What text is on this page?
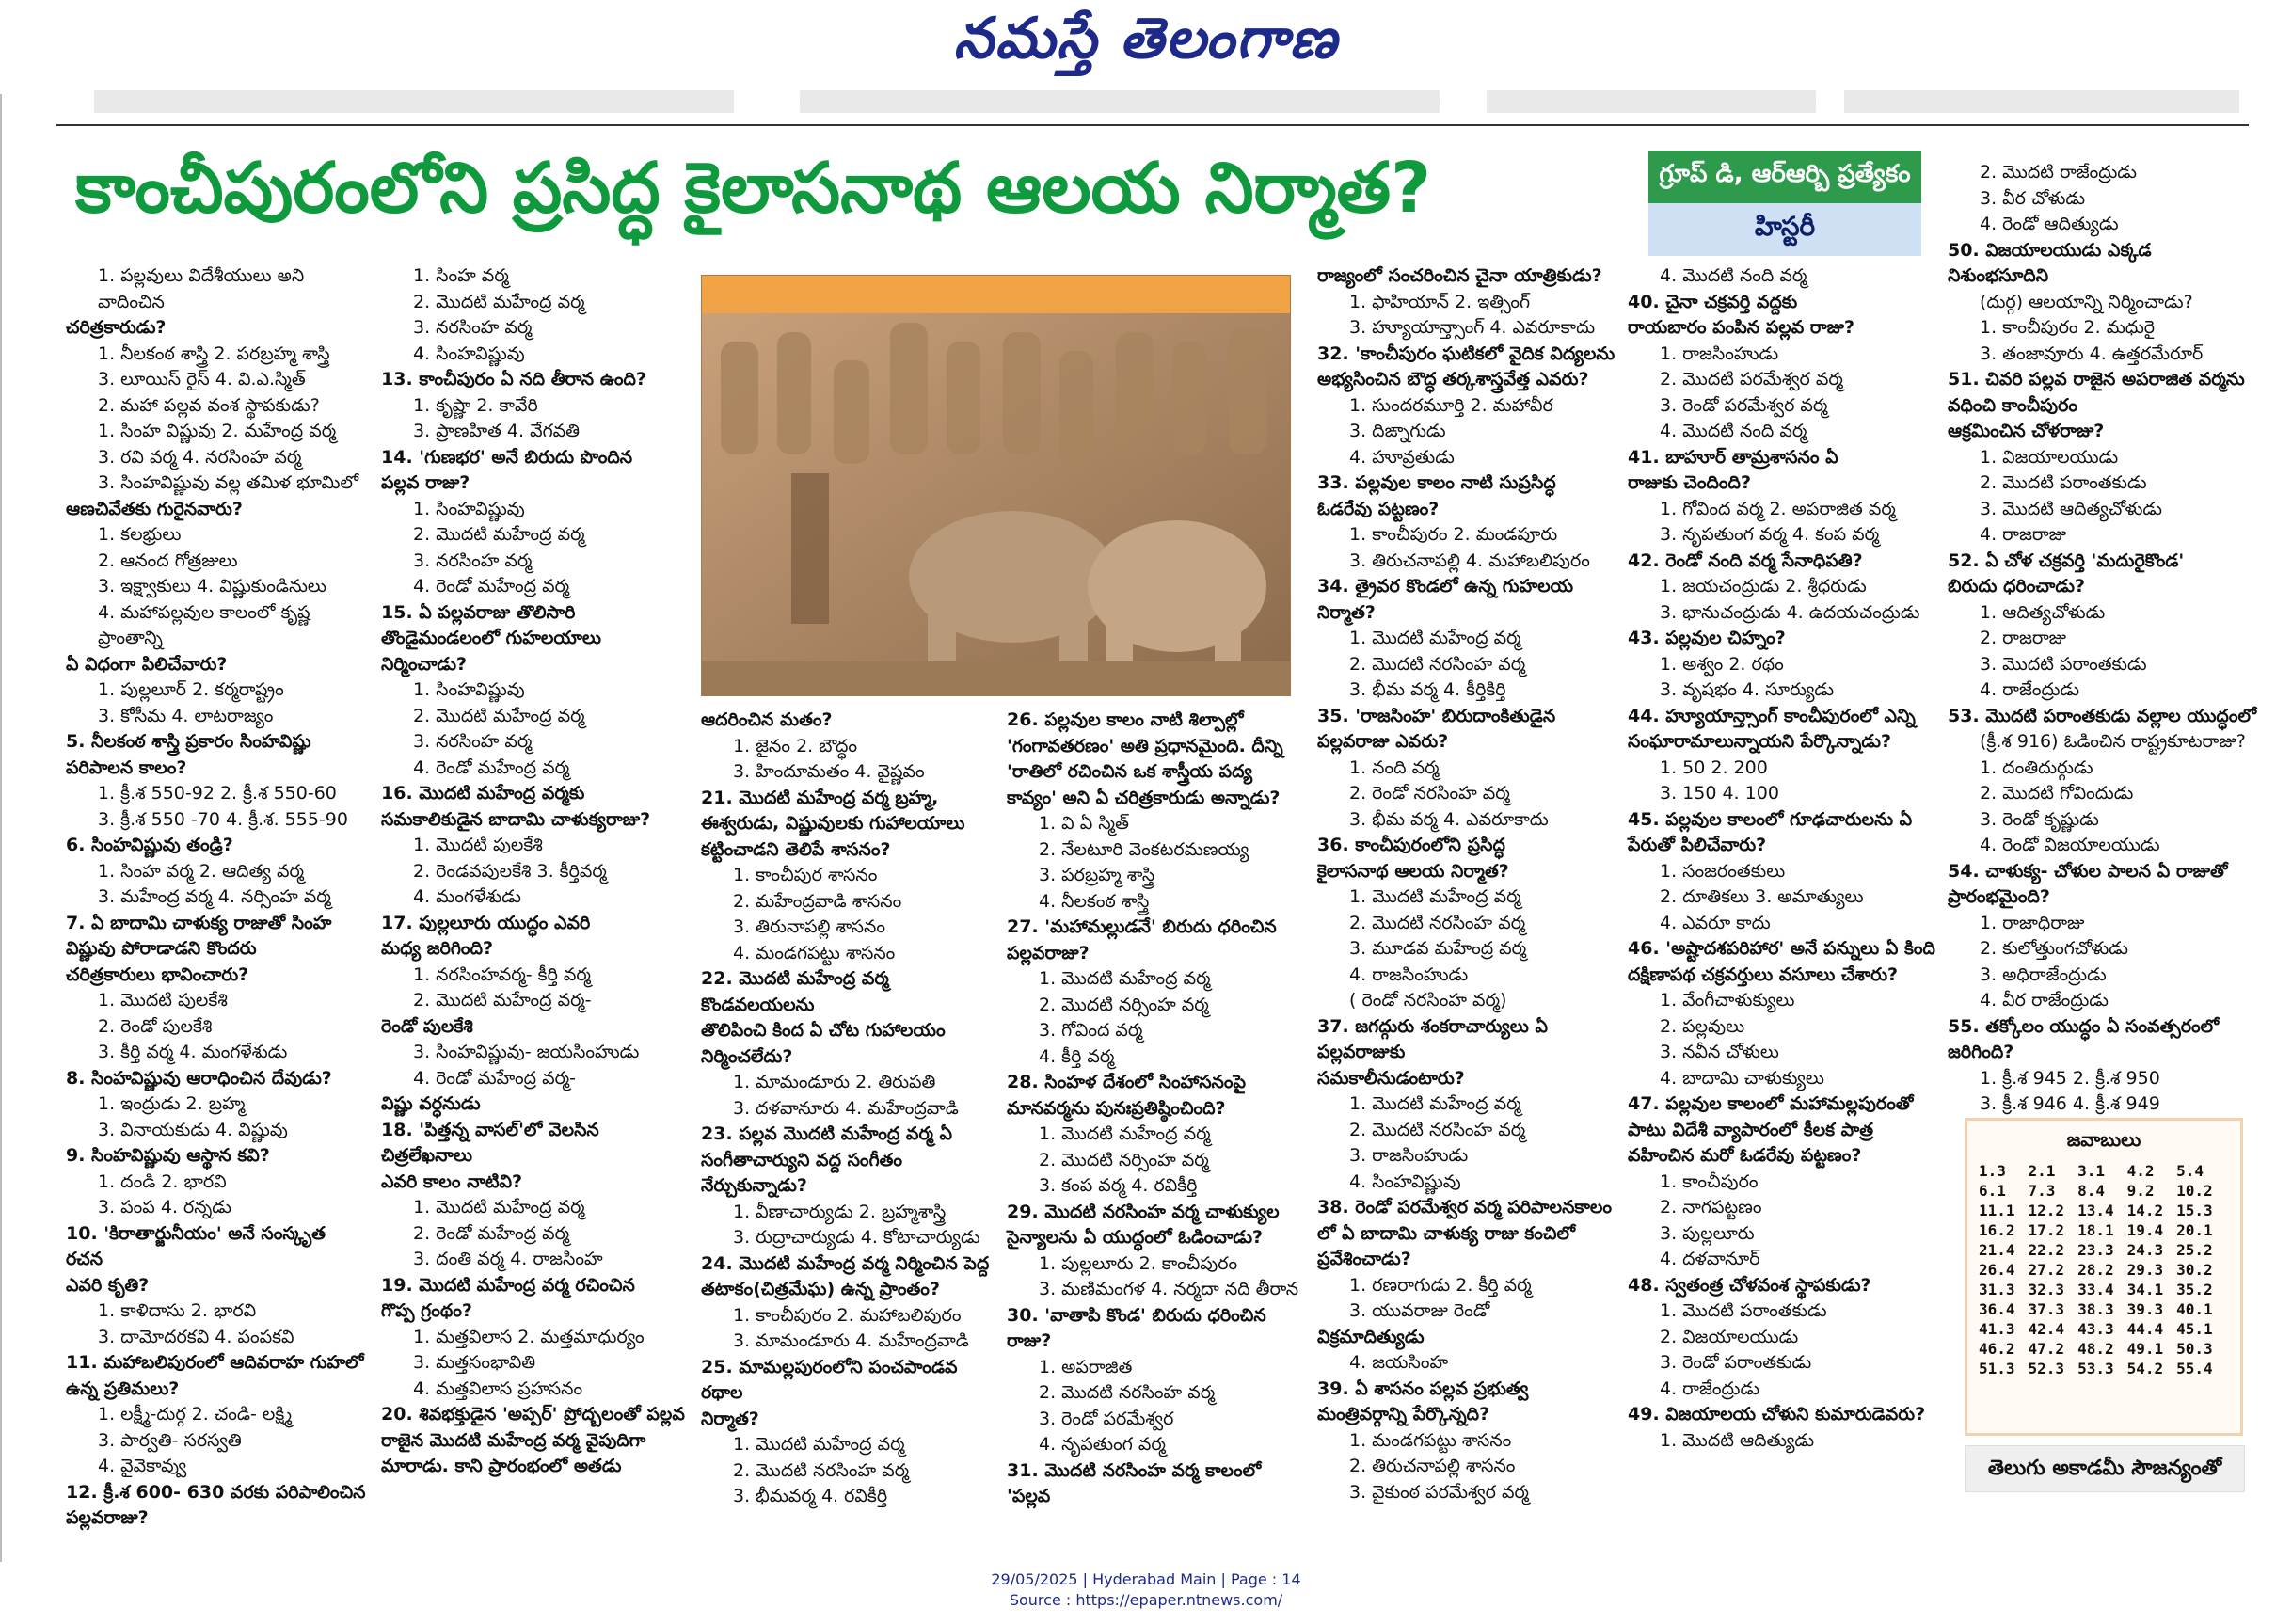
నమస్తే తెలంగాణ
కాంచీపురంలోని ప్రసిద్ధ కైలాసనాథ ఆలయ నిర్మాత?	గ్రూప్ డి, ఆర్ఆర్బి ప్రత్యేకం
హిస్టరీ
1. పల్లవులు విదేశీయులు అని వాదించిన
చరిత్రకారుడు?
1. నీలకంఠ శాస్త్రి 2. పరబ్రహ్మ శాస్త్రి
3. లూయిస్ రైస్ 4. వి.ఎ.స్మిత్
2. మహా పల్లవ వంశ స్థాపకుడు?
1. సింహ విష్ణువు 2. మహేంద్ర వర్మ
3. రవి వర్మ 4. నరసింహ వర్మ
3. సింహవిష్ణువు వల్ల తమిళ భూమిలో
ఆణచివేతకు గురైనవారు?
1. కలభ్రులు
2. ఆనంద గోత్రజులు
3. ఇక్ష్వాకులు 4. విష్ణుకుండినులు
4. మహాపల్లవుల కాలంలో కృష్ణ ప్రాంతాన్ని
ఏ విధంగా పిలిచేవారు?
1. పుల్లలూర్ 2. కర్మరాష్ట్రం
3. కోసీమ 4. లాటరాజ్యం
5. నీలకంఠ శాస్త్రి ప్రకారం సింహవిష్ణు
పరిపాలన కాలం?
1. క్రీ.శ 550-92 2. క్రీ.శ 550-60
3. క్రీ.శ 550 -70 4. క్రీ.శ. 555-90
6. సింహవిష్ణువు తండ్రి?
1. సింహ వర్మ 2. ఆదిత్య వర్మ
3. మహేంద్ర వర్మ 4. నర్సింహ వర్మ
7. ఏ బాదామి చాళుక్య రాజుతో సింహ
విష్ణువు పోరాడాడని కొందరు
చరిత్రకారులు భావించారు?
1. మొదటి పులకేశి
2. రెండో పులకేశి
3. కీర్తి వర్మ 4. మంగళేశుడు
8. సింహవిష్ణువు ఆరాధించిన దేవుడు?
1. ఇంద్రుడు 2. బ్రహ్మ
3. వినాయకుడు 4. విష్ణువు
9. సింహవిష్ణువు ఆస్థాన కవి?
1. దండి 2. భారవి
3. పంప 4. రన్నడు
10. 'కిరాతార్జునీయం' అనే సంస్కృత రచన
ఎవరి కృతి?
1. కాళిదాసు 2. భారవి
3. దామోదరకవి 4. పంపకవి
11. మహాబలిపురంలో ఆదివరాహ గుహలో
ఉన్న ప్రతిమలు?
1. లక్ష్మీ-దుర్గ 2. చండి- లక్ష్మి
3. పార్వతి- సరస్వతి
4. వైవెకావ్వు
12. క్రీ.శ 600- 630 వరకు పరిపాలించిన
పల్లవరాజు?
1. సింహ వర్మ
2. మొదటి మహేంద్ర వర్మ
3. నరసింహ వర్మ
4. సింహవిష్ణువు
13. కాంచీపురం ఏ నది తీరాన ఉంది?
1. కృష్ణా 2. కావేరి
3. ప్రాణహిత 4. వేగవతి
14. 'గుణభర' అనే బిరుదు పొందిన
పల్లవ రాజు?
1. సింహవిష్ణువు
2. మొదటి మహేంద్ర వర్మ
3. నరసింహ వర్మ
4. రెండో మహేంద్ర వర్మ
15. ఏ పల్లవరాజు తొలిసారి
తొండైమండలంలో గుహలయాలు
నిర్మించాడు?
1. సింహవిష్ణువు
2. మొదటి మహేంద్ర వర్మ
3. నరసింహ వర్మ
4. రెండో మహేంద్ర వర్మ
16. మొదటి మహేంద్ర వర్మకు
సమకాలికుడైన బాదామి చాళుక్యరాజు?
1. మొదటి పులకేశి
2. రెండవపులకేశి 3. కీర్తివర్మ
4. మంగళేశుడు
17. పుల్లలూరు యుద్ధం ఎవరి
మధ్య జరిగింది?
1. నరసింహవర్మ- కీర్తి వర్మ
2. మొదటి మహేంద్ర వర్మ-
రెండో పులకేశి
3. సింహవిష్ణువు- జయసింహుడు
4. రెండో మహేంద్ర వర్మ-
విష్ణు వర్ధనుడు
18. 'పిత్తన్న వాసల్'లో వెలసిన చిత్రలేఖనాలు
ఎవరి కాలం నాటివి?
1. మొదటి మహేంద్ర వర్మ
2. రెండో మహేంద్ర వర్మ
3. దంతి వర్మ 4. రాజసింహ
19. మొదటి మహేంద్ర వర్మ రచించిన
గొప్ప గ్రంథం?
1. మత్తవిలాస 2. మత్తమాధుర్యం
3. మత్తసంభావితి
4. మత్తవిలాస ప్రహసనం
20. శివభక్తుడైన 'అప్పర్' ప్రోద్బలంతో పల్లవ
రాజైన మొదటి మహేంద్ర వర్మ వైపుదిగా
మారాడు. కాని ప్రారంభంలో అతడు
ఆదరించిన మతం?
1. జైనం 2. బౌద్ధం
3. హిందూమతం 4. వైష్ణవం
21. మొదటి మహేంద్ర వర్మ బ్రహ్మ,
ఈశ్వరుడు, విష్ణువులకు గుహాలయాలు
కట్టించాడని తెలిపే శాసనం?
1. కాంచీపుర శాసనం
2. మహేంద్రవాడి శాసనం
3. తిరునాపల్లి శాసనం
4. మండగపట్టు శాసనం
22. మొదటి మహేంద్ర వర్మ కొండవలయలను
తొలిపించి కింద ఏ చోట గుహాలయం
నిర్మించలేదు?
1. మామండూరు 2. తిరుపతి
3. దళవానూరు 4. మహేంద్రవాడి
23. పల్లవ మొదటి మహేంద్ర వర్మ ఏ
సంగీతాచార్యుని వద్ద సంగీతం
నేర్చుకున్నాడు?
1. వీణాచార్యుడు 2. బ్రహ్మశాస్త్రి
3. రుద్రాచార్యుడు 4. కోటాచార్యుడు
24. మొదటి మహేంద్ర వర్మ నిర్మించిన పెద్ద
తటాకం(చిత్రమేఘ) ఉన్న ప్రాంతం?
1. కాంచీపురం 2. మహాబలిపురం
3. మామండూరు 4. మహేంద్రవాడి
25. మామల్లపురంలోని పంచపాండవ రథాల
నిర్మాత?
1. మొదటి మహేంద్ర వర్మ
2. మొదటి నరసింహ వర్మ
3. భీమవర్మ 4. రవికీర్తి
26. పల్లవుల కాలం నాటి శిల్పాల్లో
'గంగావతరణం' అతి ప్రధానమైంది. దీన్ని
'రాతిలో రచించిన ఒక శాస్త్రీయ పద్య
కావ్యం' అని ఏ చరిత్రకారుడు అన్నాడు?
1. వి ఏ స్మిత్
2. నేలటూరి వెంకటరమణయ్య
3. పరబ్రహ్మ శాస్త్రి
4. నీలకంఠ శాస్త్రి
27. 'మహామల్లుడనే' బిరుదు ధరించిన
పల్లవరాజు?
1. మొదటి మహేంద్ర వర్మ
2. మొదటి నర్సింహ వర్మ
3. గోవింద వర్మ
4. కీర్తి వర్మ
28. సింహళ దేశంలో సింహాసనంపై
మానవర్మను పునఃప్రతిష్ఠించింది?
1. మొదటి మహేంద్ర వర్మ
2. మొదటి నర్సింహ వర్మ
3. కంప వర్మ 4. రవికీర్తి
29. మొదటి నరసింహ వర్మ చాళుక్యుల
సైన్యాలను ఏ యుద్ధంలో ఓడించాడు?
1. పుల్లలూరు 2. కాంచీపురం
3. మణిమంగళ 4. నర్మదా నది తీరాన
30. 'వాతాపి కొండ' బిరుదు ధరించిన రాజు?
1. అపరాజిత
2. మొదటి నరసింహ వర్మ
3. రెండో పరమేశ్వర
4. నృపతుంగ వర్మ
31. మొదటి నరసింహ వర్మ కాలంలో 'పల్లవ
రాజ్యంలో సంచరించిన చైనా యాత్రికుడు?
1. ఫాహియాన్ 2. ఇత్సింగ్
3. హ్యూయాన్త్సాంగ్ 4. ఎవరూకాదు
32. 'కాంచీపురం ఘటికలో వైదిక విద్యలను
అభ్యసించిన బౌద్ధ తర్కశాస్త్రవేత్త ఎవరు?
1. సుందరమూర్తి 2. మహావీర
3. దిఙ్నాగుడు
4. హూవ్రతుడు
33. పల్లవుల కాలం నాటి సుప్రసిద్ధ
ఓడరేవు పట్టణం?
1. కాంచీపురం 2. మండపూరు
3. తిరుచనాపల్లి 4. మహాబలిపురం
34. త్రైవర కొండలో ఉన్న గుహలయ నిర్మాత?
1. మొదటి మహేంద్ర వర్మ
2. మొదటి నరసింహ వర్మ
3. భీమ వర్మ 4. కీర్తికిర్తి
35. 'రాజసింహ' బిరుదాంకితుడైన
పల్లవరాజు ఎవరు?
1. నంది వర్మ
2. రెండో నరసింహ వర్మ
3. భీమ వర్మ 4. ఎవరూకాదు
36. కాంచీపురంలోని ప్రసిద్ధ
కైలాసనాథ ఆలయ నిర్మాత?
1. మొదటి మహేంద్ర వర్మ
2. మొదటి నరసింహ వర్మ
3. మూడవ మహేంద్ర వర్మ
4. రాజసింహుడు
( రెండో నరసింహ వర్మ)
37. జగద్గురు శంకరాచార్యులు ఏ పల్లవరాజుకు
సమకాలీనుడంటారు?
1. మొదటి మహేంద్ర వర్మ
2. మొదటి నరసింహ వర్మ
3. రాజసింహుడు
4. సింహవిష్ణువు
38. రెండో పరమేశ్వర వర్మ పరిపాలనకాలం
లో ఏ బాదామి చాళుక్య రాజు కంచిలో
ప్రవేశించాడు?
1. రణరాగుడు 2. కీర్తి వర్మ
3. యువరాజు రెండో
విక్రమాదిత్యుడు
4. జయసింహ
39. ఏ శాసనం పల్లవ ప్రభుత్వ
మంత్రివర్గాన్ని పేర్కొన్నది?
1. మండగపట్టు శాసనం
2. తిరుచనాపల్లి శాసనం
3. వైకుంఠ పరమేశ్వర వర్మ
4. మొదటి నంది వర్మ
40. చైనా చక్రవర్తి వద్దకు
రాయబారం పంపిన పల్లవ రాజు?
1. రాజసింహుడు
2. మొదటి పరమేశ్వర వర్మ
3. రెండో పరమేశ్వర వర్మ
4. మొదటి నంది వర్మ
41. బాహూర్ తామ్రశాసనం ఏ
రాజుకు చెందింది?
1. గోవింద వర్మ 2. అపరాజిత వర్మ
3. నృపతుంగ వర్మ 4. కంప వర్మ
42. రెండో నంది వర్మ సేనాధిపతి?
1. జయచంద్రుడు 2. శ్రీధరుడు
3. భానుచంద్రుడు 4. ఉదయచంద్రుడు
43. పల్లవుల చిహ్నం?
1. అశ్వం 2. రథం
3. వృషభం 4. సూర్యుడు
44. హ్యూయాన్త్సాంగ్ కాంచీపురంలో ఎన్ని
సంఘారామాలున్నాయని పేర్కొన్నాడు?
1. 50 2. 200
3. 150 4. 100
45. పల్లవుల కాలంలో గూఢచారులను ఏ
పేరుతో పిలిచేవారు?
1. సంజరంతకులు
2. దూతికలు 3. అమాత్యులు
4. ఎవరూ కాదు
46. 'అష్టాదశపరిహార' అనే పన్నులు ఏ కింది
దక్షిణాపథ చక్రవర్తులు వసూలు చేశారు?
1. వేంగీచాళుక్యులు
2. పల్లవులు
3. నవీన చోళులు
4. బాదామి చాళుక్యులు
47. పల్లవుల కాలంలో మహామల్లపురంతో
పాటు విదేశీ వ్యాపారంలో కీలక పాత్ర
వహించిన మరో ఓడరేవు పట్టణం?
1. కాంచీపురం
2. నాగపట్టణం
3. పుల్లలూరు
4. దళవానూర్
48. స్వతంత్ర చోళవంశ స్థాపకుడు?
1. మొదటి పరాంతకుడు
2. విజయాలయుడు
3. రెండో పరాంతకుడు
4. రాజేంద్రుడు
49. విజయాలయ చోళుని కుమారుడెవరు?
1. మొదటి ఆదిత్యుడు
2. మొదటి రాజేంద్రుడు
3. వీర చోళుడు
4. రెండో ఆదిత్యుడు
50. విజయాలయుడు ఎక్కడ నిశుంభసూదిని
(దుర్గ) ఆలయాన్ని నిర్మించాడు?
1. కాంచీపురం 2. మధురై
3. తంజావూరు 4. ఉత్తరమేరూర్
51. చివరి పల్లవ రాజైన అపరాజిత వర్మను
వధించి కాంచీపురం
ఆక్రమించిన చోళరాజు?
1. విజయాలయుడు
2. మొదటి పరాంతకుడు
3. మొదటి ఆదిత్యచోళుడు
4. రాజరాజు
52. ఏ చోళ చక్రవర్తి 'మదురైకొండ'
బిరుదు ధరించాడు?
1. ఆదిత్యచోళుడు
2. రాజరాజు
3. మొదటి పరాంతకుడు
4. రాజేంద్రుడు
53. మొదటి పరాంతకుడు వల్లాల యుద్ధంలో
(క్రీ.శ 916) ఓడించిన రాష్ట్రకూటరాజు?
1. దంతిదుర్గుడు
2. మొదటి గోవిందుడు
3. రెండో కృష్ణుడు
4. రెండో విజయాలయుడు
54. చాళుక్య- చోళుల పాలన ఏ రాజుతో
ప్రారంభమైంది?
1. రాజాధిరాజు
2. కులోత్తుంగచోళుడు
3. అధిరాజేంద్రుడు
4. వీర రాజేంద్రుడు
55. తక్కోలం యుద్ధం ఏ సంవత్సరంలో
జరిగింది?
1. క్రీ.శ 945 2. క్రీ.శ 950
3. క్రీ.శ 946 4. క్రీ.శ 949
జవాబులు
1.3	2.1	3.1	4.2	5.4
6.1	7.3	8.4	9.2	10.2
11.1	12.2	13.4	14.2	15.3
16.2	17.2	18.1	19.4	20.1
21.4	22.2	23.3	24.3	25.2
26.4	27.2	28.2	29.3	30.2
31.3	32.3	33.4	34.1	35.2
36.4	37.3	38.3	39.3	40.1
41.3	42.4	43.3	44.4	45.1
46.2	47.2	48.2	49.1	50.3
51.3	52.3	53.3	54.2	55.4
తెలుగు అకాడమీ సౌజన్యంతో
29/05/2025 | Hyderabad Main | Page : 14
Source : https://epaper.ntnews.com/
